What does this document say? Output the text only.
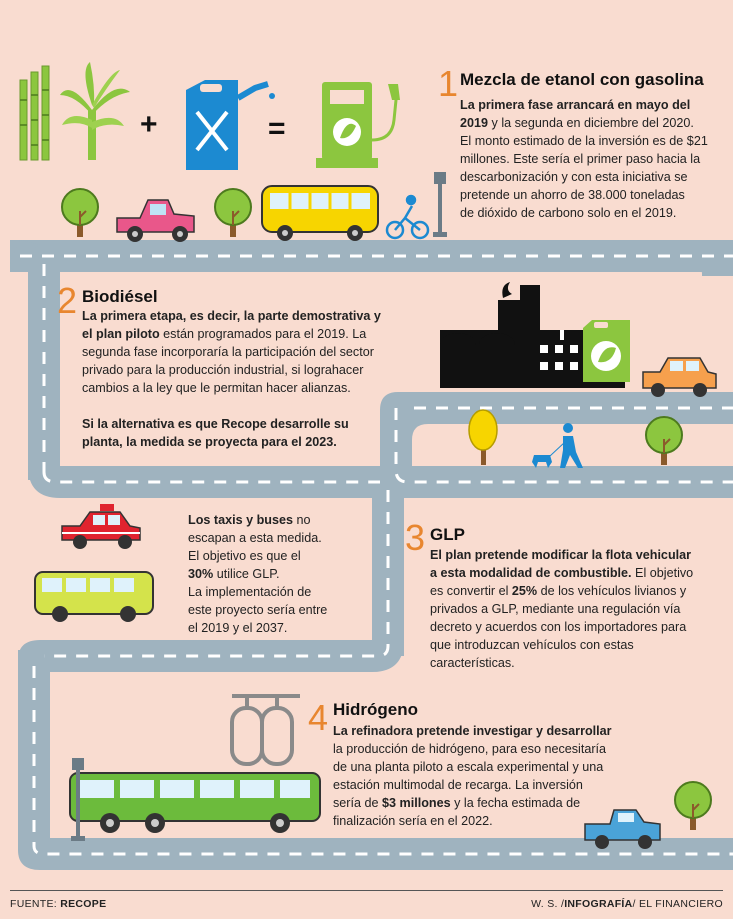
+	=
1 Mezcla de etanol con gasolina
La primera fase arrancará en mayo del
2019 y la segunda en diciembre del 2020.
El monto estimado de la inversión es de $21
millones. Este sería el primer paso hacia la
descarbonización y con esta iniciativa se
pretende un ahorro de 38.000 toneladas
de dióxido de carbono solo en el 2019.
2 Biodiésel
La primera etapa, es decir, la parte demostrativa y
el plan piloto están programados para el 2019. La
segunda fase incorporaría la participación del sector
privado para la producción industrial, si lograhacer
cambios a la ley que le permitan hacer alianzas.
Si la alternativa es que Recope desarrolle su
planta, la medida se proyecta para el 2023.
Los taxis y buses no
escapan a esta medida.
El objetivo es que el
30% utilice GLP.
La implementación de
este proyecto sería entre
el 2019 y el 2037.
3 GLP
El plan pretende modificar la flota vehicular
a esta modalidad de combustible. El objetivo
es convertir el 25% de los vehículos livianos y
privados a GLP, mediante una regulación vía
decreto y acuerdos con los importadores para
que introduzcan vehículos con estas
características.
4 Hidrógeno
La refinadora pretende investigar y desarrollar
la producción de hidrógeno, para eso necesitaría
de una planta piloto a escala experimental y una
estación multimodal de recarga. La inversión
sería de $3 millones y la fecha estimada de
finalización sería en el 2022.
FUENTE: RECOPE	W. S. /INFOGRAFÍA/ EL FINANCIERO
